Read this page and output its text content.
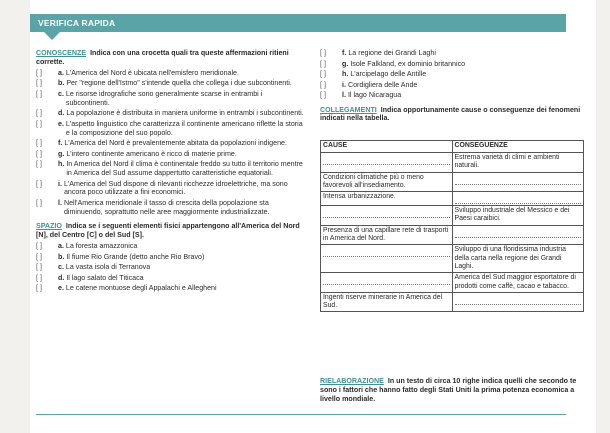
VERIFICA RAPIDA
CONOSCENZE Indica con una crocetta quali tra queste affermazioni ritieni corrette.
[ ]	a. L'America del Nord è ubicata nell'emisfero meridionale.
[ ]	b. Per "regione dell'Istmo" s'intende quella che collega i due subcontinenti.
[ ]	c. Le risorse idrografiche sono generalmente scarse in entrambi i subcontinenti.
[ ]	d. La popolazione è distribuita in maniera uniforme in entrambi i subcontinenti.
[ ]	e. L'aspetto linguistico che caratterizza il continente americano riflette la storia e la composizione del suo popolo.
[ ]	f. L'America del Nord è prevalentemente abitata da popolazioni indigene.
[ ]	g. L'intero continente americano è ricco di materie prime.
[ ]	h. In America del Nord il clima è continentale freddo su tutto il territorio mentre in America del Sud assume dappertutto caratteristiche equatoriali.
[ ]	i. L'America del Sud dispone di rilevanti ricchezze idroelettriche, ma sono ancora poco utilizzate a fini economici.
[ ]	l. Nell'America meridionale il tasso di crescita della popolazione sta diminuendo, soprattutto nelle aree maggiormente industrializzate.
SPAZIO Indica se i seguenti elementi fisici appartengono all'America del Nord [N], del Centro [C] o del Sud [S].
[ ]	a. La foresta amazzonica
[ ]	b. Il fiume Rio Grande (detto anche Rio Bravo)
[ ]	c. La vasta isola di Terranova
[ ]	d. Il lago salato del Titicaca
[ ]	e. Le catene montuose degli Appalachi e Allegheni
[ ]	f. La regione dei Grandi Laghi
[ ]	g. Isole Falkland, ex dominio britannico
[ ]	h. L'arcipelago delle Antille
[ ]	i. Cordigliera delle Ande
[ ]	l. Il lago Nicaragua
COLLEGAMENTI Indica opportunamente cause o conseguenze dei fenomeni indicati nella tabella.
CAUSE	CONSEGUENZE

	Estrema varietà di climi e ambienti naturali.
Condizioni climatiche più o meno favorevoli all'insediamento.	

Intensa urbanizzazione.	

	Sviluppo industriale del Messico e dei Paesi caraibici.
Presenza di una capillare rete di trasporti in America del Nord.	

	Sviluppo di una floridissima industria della carta nella regione dei Grandi Laghi.

	America del Sud maggior esportatore di prodotti come caffè, cacao e tabacco.
Ingenti riserve minerarie in America del Sud.	
RIELABORAZIONE In un testo di circa 10 righe indica quelli che secondo te sono i fattori che hanno fatto degli Stati Uniti la prima potenza economica a livello mondiale.
